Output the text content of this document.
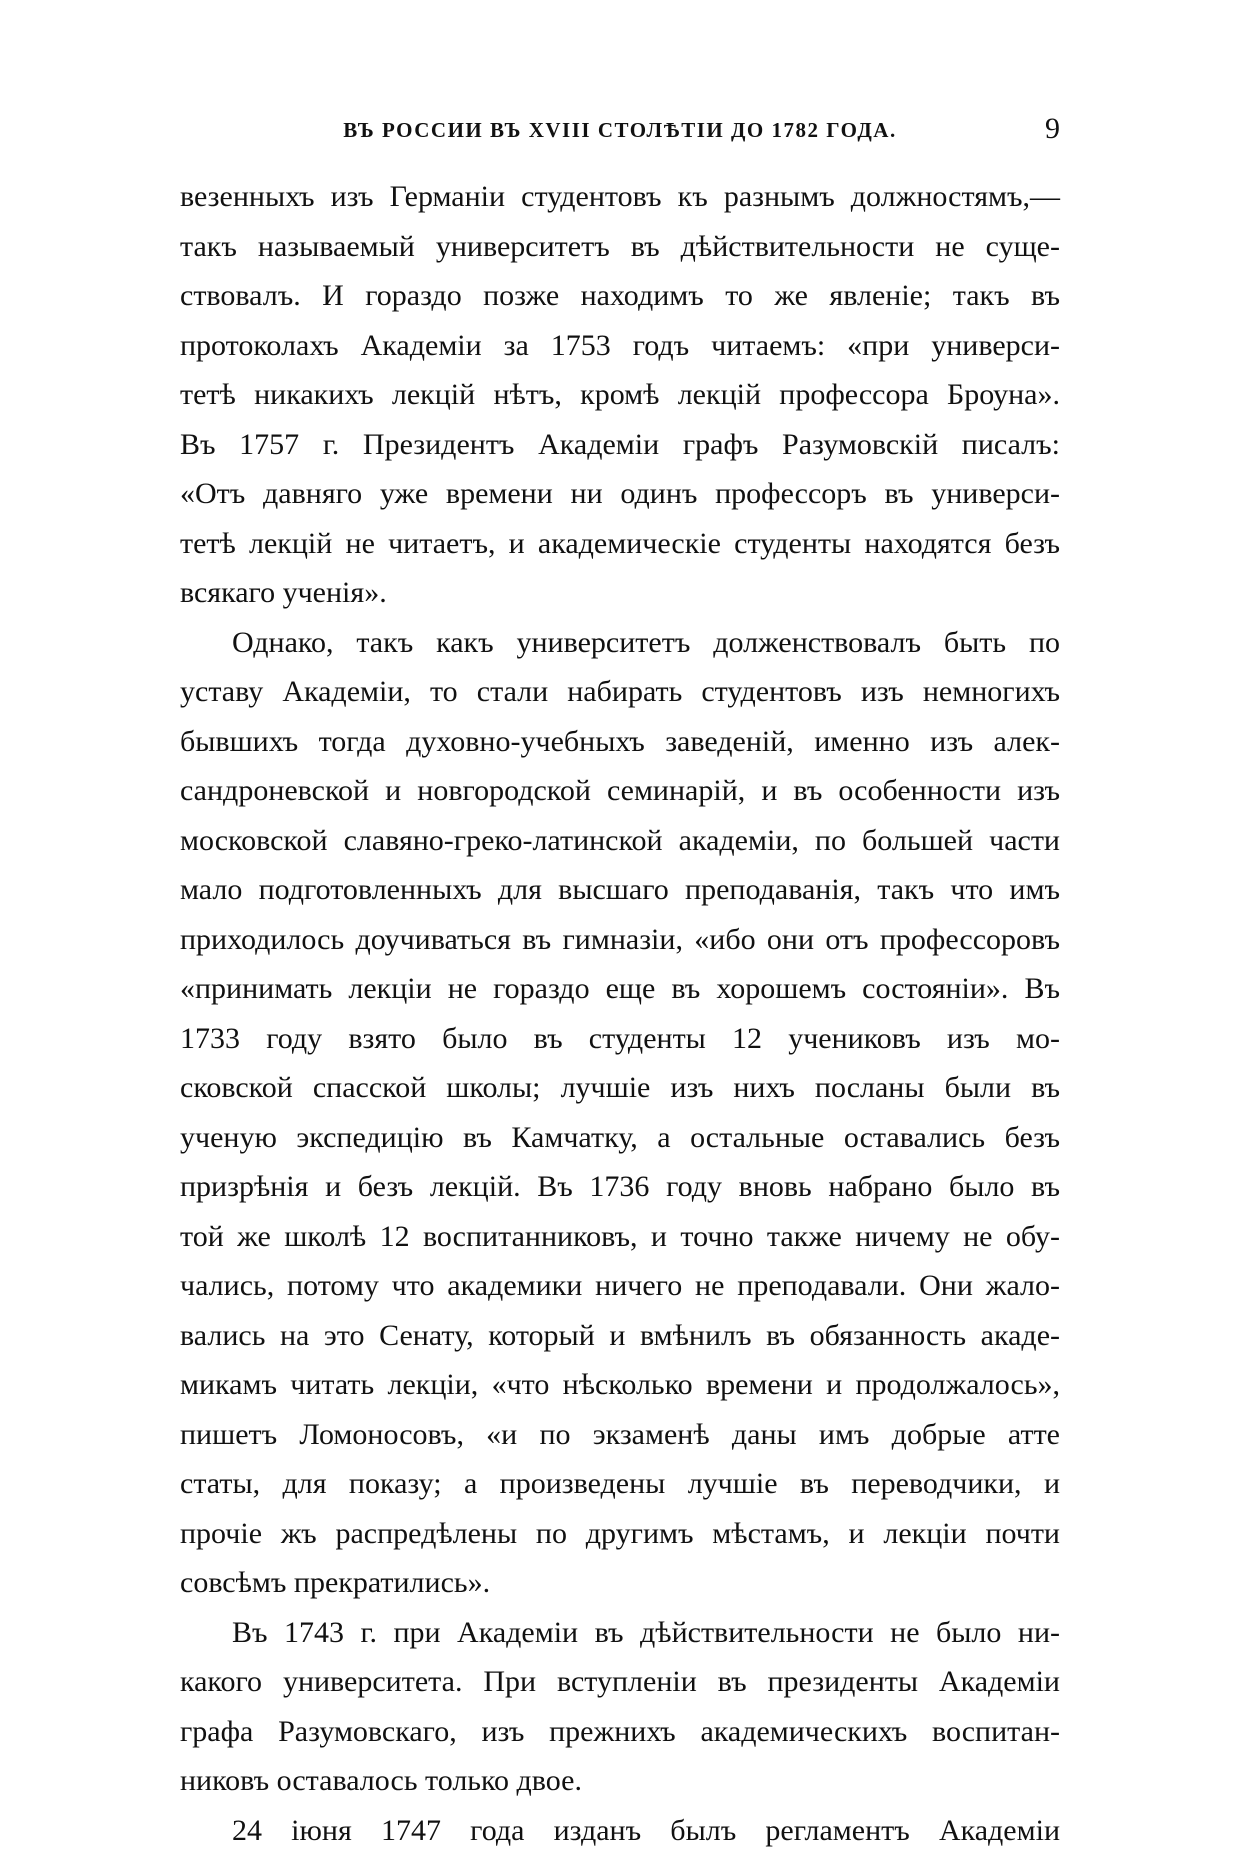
ВЪ РОССИИ ВЪ XVIII СТОЛѢТІИ ДО 1782 ГОДА.	9
везенныхъ изъ Германіи студентовъ къ разнымъ должностямъ,—
такъ называемый университетъ въ дѣйствительности не суще-
ствовалъ. И гораздо позже находимъ то же явленіе; такъ въ
протоколахъ Академіи за 1753 годъ читаемъ: «при универси-
тетѣ никакихъ лекцій нѣтъ, кромѣ лекцій профессора Броуна».
Въ 1757 г. Президентъ Академіи графъ Разумовскій писалъ:
«Отъ давняго уже времени ни одинъ профессоръ въ универси-
тетѣ лекцій не читаетъ, и академическіе студенты находятся безъ
всякаго ученія».
Однако, такъ какъ университетъ долженствовалъ быть по
уставу Академіи, то стали набирать студентовъ изъ немногихъ
бывшихъ тогда духовно-учебныхъ заведеній, именно изъ алек-
сандроневской и новгородской семинарій, и въ особенности изъ
московской славяно-греко-латинской академіи, по большей части
мало подготовленныхъ для высшаго преподаванія, такъ что имъ
приходилось доучиваться въ гимназіи, «ибо они отъ профессоровъ
«принимать лекціи не гораздо еще въ хорошемъ состояніи». Въ
1733 году взято было въ студенты 12 учениковъ изъ мо-
сковской спасской школы; лучшіе изъ нихъ посланы были въ
ученую экспедицію въ Камчатку, а остальные оставались безъ
призрѣнія и безъ лекцій. Въ 1736 году вновь набрано было въ
той же школѣ 12 воспитанниковъ, и точно также ничему не обу-
чались, потому что академики ничего не преподавали. Они жало-
вались на это Сенату, который и вмѣнилъ въ обязанность акаде-
микамъ читать лекціи, «что нѣсколько времени и продолжалось»,
пишетъ Ломоносовъ, «и по экзаменѣ даны имъ добрые атте
статы, для показу; а произведены лучшіе въ переводчики, и
прочіе жъ распредѣлены по другимъ мѣстамъ, и лекціи почти
совсѣмъ прекратились».
Въ 1743 г. при Академіи въ дѣйствительности не было ни-
какого университета. При вступленіи въ президенты Академіи
графа Разумовскаго, изъ прежнихъ академическихъ воспитан-
никовъ оставалось только двое.
24 іюня 1747 года изданъ былъ регламентъ Академіи
